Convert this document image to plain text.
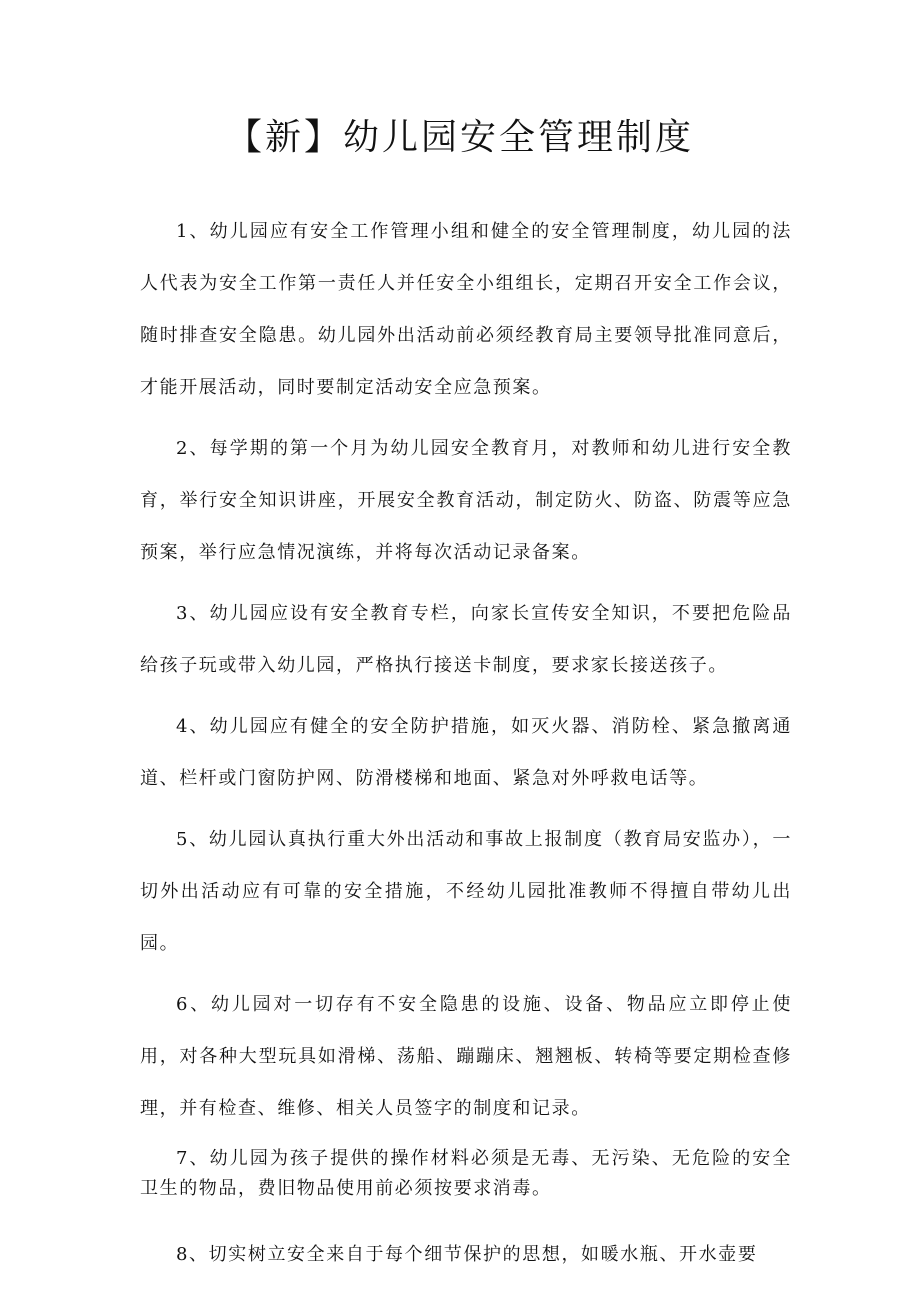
【新】幼儿园安全管理制度

1、幼儿园应有安全工作管理小组和健全的安全管理制度，幼儿园的法人代表为安全工作第一责任人并任安全小组组长，定期召开安全工作会议，随时排查安全隐患。幼儿园外出活动前必须经教育局主要领导批准同意后，才能开展活动，同时要制定活动安全应急预案。

2、每学期的第一个月为幼儿园安全教育月，对教师和幼儿进行安全教育，举行安全知识讲座，开展安全教育活动，制定防火、防盗、防震等应急预案，举行应急情况演练，并将每次活动记录备案。

3、幼儿园应设有安全教育专栏，向家长宣传安全知识，不要把危险品给孩子玩或带入幼儿园，严格执行接送卡制度，要求家长接送孩子。

4、幼儿园应有健全的安全防护措施，如灭火器、消防栓、紧急撤离通道、栏杆或门窗防护网、防滑楼梯和地面、紧急对外呼救电话等。

5、幼儿园认真执行重大外出活动和事故上报制度（教育局安监办），一切外出活动应有可靠的安全措施，不经幼儿园批准教师不得擅自带幼儿出园。

6、幼儿园对一切存有不安全隐患的设施、设备、物品应立即停止使用，对各种大型玩具如滑梯、荡船、蹦蹦床、翘翘板、转椅等要定期检查修理，并有检查、维修、相关人员签字的制度和记录。

7、幼儿园为孩子提供的操作材料必须是无毒、无污染、无危险的安全卫生的物品，费旧物品使用前必须按要求消毒。

8、切实树立安全来自于每个细节保护的思想，如暖水瓶、开水壶要
